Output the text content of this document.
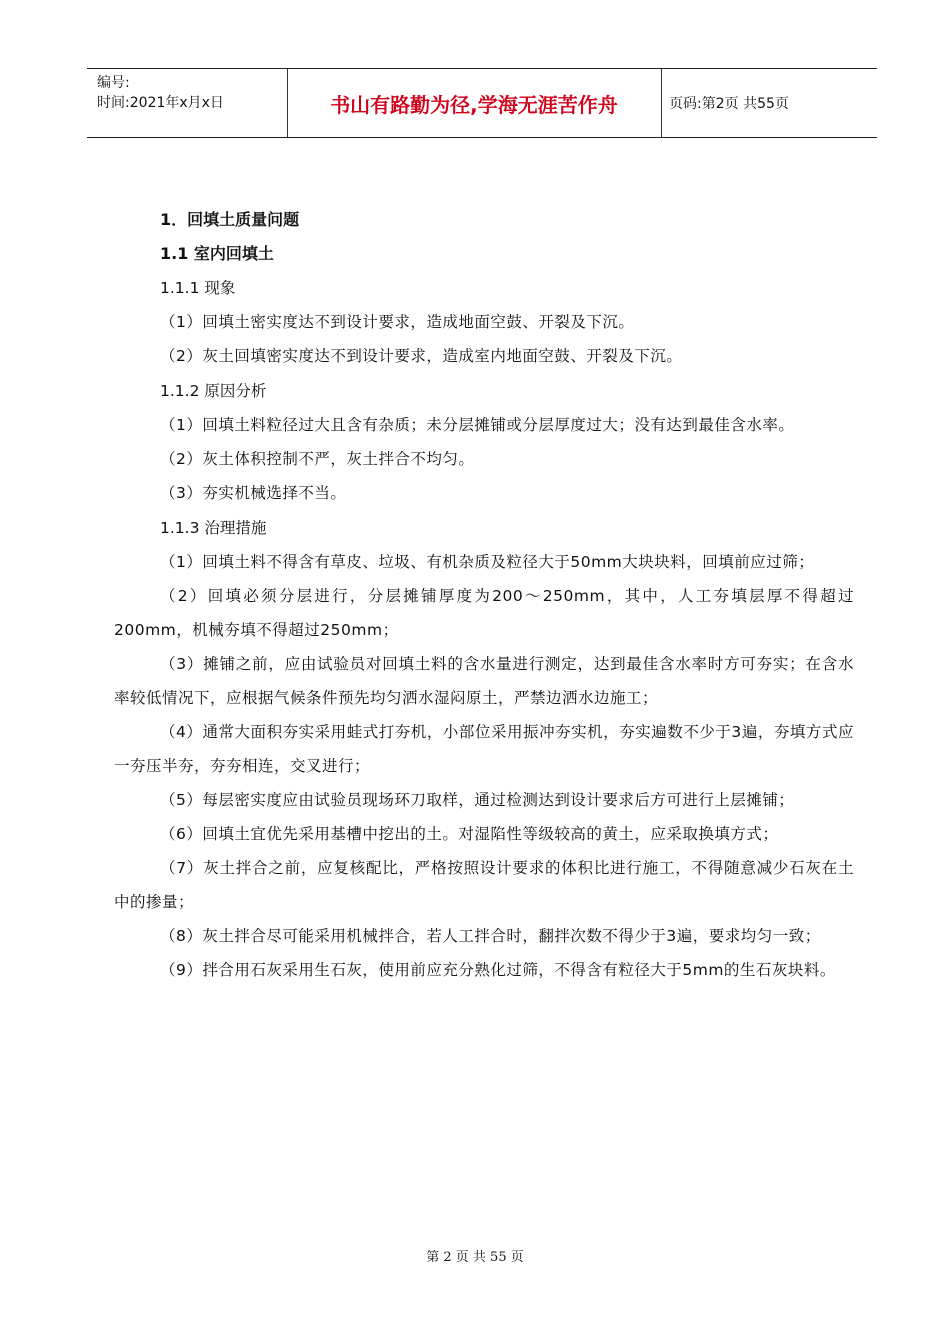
编号:
时间:2021年x月x日	书山有路勤为径,学海无涯苦作舟	页码:第2页 共55页
1．回填土质量问题
1.1 室内回填土
1.1.1 现象
（1）回填土密实度达不到设计要求，造成地面空鼓、开裂及下沉。
（2）灰土回填密实度达不到设计要求，造成室内地面空鼓、开裂及下沉。
1.1.2 原因分析
（1）回填土料粒径过大且含有杂质；未分层摊铺或分层厚度过大；没有达到最佳含水率。
（2）灰土体积控制不严，灰土拌合不均匀。
（3）夯实机械选择不当。
1.1.3 治理措施
（1）回填土料不得含有草皮、垃圾、有机杂质及粒径大于50mm大块块料，回填前应过筛；
（2）回填必须分层进行，分层摊铺厚度为200～250mm，其中，人工夯填层厚不得超过200mm，机械夯填不得超过250mm；
（3）摊铺之前，应由试验员对回填土料的含水量进行测定，达到最佳含水率时方可夯实；在含水率较低情况下，应根据气候条件预先均匀洒水湿闷原土，严禁边洒水边施工；
（4）通常大面积夯实采用蛙式打夯机，小部位采用振冲夯实机，夯实遍数不少于3遍，夯填方式应一夯压半夯，夯夯相连，交叉进行；
（5）每层密实度应由试验员现场环刀取样，通过检测达到设计要求后方可进行上层摊铺；
（6）回填土宜优先采用基槽中挖出的土。对湿陷性等级较高的黄土，应采取换填方式；
（7）灰土拌合之前，应复核配比，严格按照设计要求的体积比进行施工，不得随意减少石灰在土中的掺量；
（8）灰土拌合尽可能采用机械拌合，若人工拌合时，翻拌次数不得少于3遍，要求均匀一致；
（9）拌合用石灰采用生石灰，使用前应充分熟化过筛，不得含有粒径大于5mm的生石灰块料。
第 2 页 共 55 页
